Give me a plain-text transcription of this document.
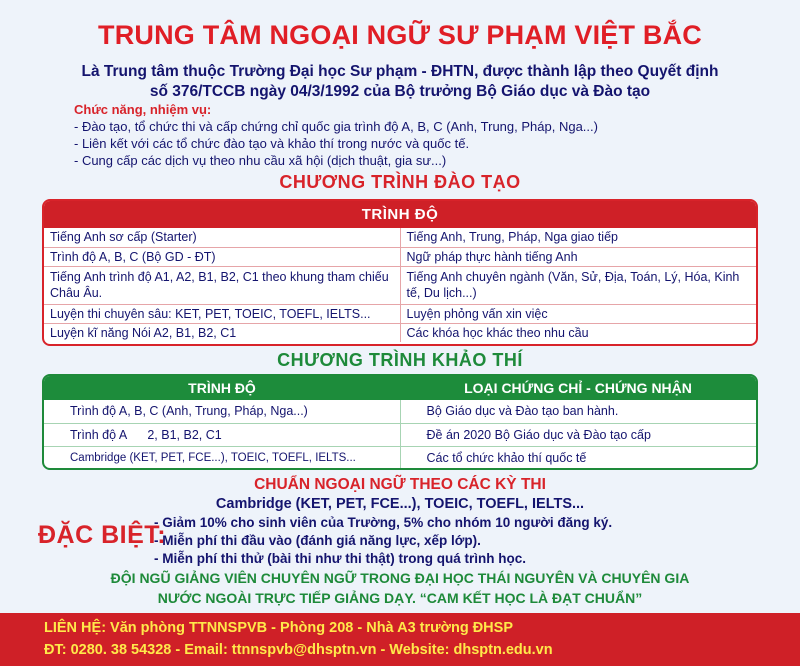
TRUNG TÂM NGOẠI NGỮ SƯ PHẠM VIỆT BẮC
Là Trung tâm thuộc Trường Đại học Sư phạm - ĐHTN, được thành lập theo Quyết định
số 376/TCCB ngày 04/3/1992 của Bộ trưởng Bộ Giáo dục và Đào tạo
Chức năng, nhiệm vụ:
- Đào tạo, tổ chức thi và cấp chứng chỉ quốc gia trình độ A, B, C (Anh, Trung, Pháp, Nga...)
- Liên kết với các tổ chức đào tạo và khảo thí trong nước và quốc tế.
- Cung cấp các dịch vụ theo nhu cầu xã hội (dịch thuật, gia sư...)
CHƯƠNG TRÌNH ĐÀO TẠO
TRÌNH ĐỘ
Tiếng Anh sơ cấp (Starter)	Tiếng Anh, Trung, Pháp, Nga giao tiếp
Trình độ A, B, C (Bộ GD - ĐT)	Ngữ pháp thực hành tiếng Anh
Tiếng Anh trình độ A1, A2, B1, B2, C1 theo khung tham chiếu Châu Âu.	Tiếng Anh chuyên ngành (Văn, Sử, Địa, Toán, Lý, Hóa, Kinh tế, Du lịch...)
Luyện thi chuyên sâu: KET, PET, TOEIC, TOEFL, IELTS...	Luyện phỏng vấn xin việc
Luyện kĩ năng Nói A2, B1, B2, C1	Các khóa học khác theo nhu cầu
CHƯƠNG TRÌNH KHẢO THÍ
TRÌNH ĐỘ	LOẠI CHỨNG CHỈ - CHỨNG NHẬN
Trình độ A, B, C (Anh, Trung, Pháp, Nga...)	Bộ Giáo dục và Đào tạo ban hành.
Trình độ A      2, B1, B2, C1	Đề án 2020 Bộ Giáo dục và Đào tạo cấp
Cambridge (KET, PET, FCE...), TOEIC, TOEFL, IELTS...	Các tổ chức khảo thí quốc tế
CHUẨN NGOẠI NGỮ THEO CÁC KỲ THI
Cambridge (KET, PET, FCE...), TOEIC, TOEFL, IELTS...
ĐẶC BIỆT:
- Giảm 10% cho sinh viên của Trường, 5% cho nhóm 10 người đăng ký.
- Miễn phí thi đầu vào (đánh giá năng lực, xếp lớp).
- Miễn phí thi thử (bài thi như thi thật) trong quá trình học.
ĐỘI NGŨ GIẢNG VIÊN CHUYÊN NGỮ TRONG ĐẠI HỌC THÁI NGUYÊN VÀ CHUYÊN GIA
NƯỚC NGOÀI TRỰC TIẾP GIẢNG DẠY. “CAM KẾT HỌC LÀ ĐẠT CHUẨN”
LIÊN HỆ: Văn phòng TTNNSPVB - Phòng 208 - Nhà A3 trường ĐHSP
ĐT: 0280. 38 54328 - Email: ttnnspvb@dhsptn.vn - Website: dhsptn.edu.vn
